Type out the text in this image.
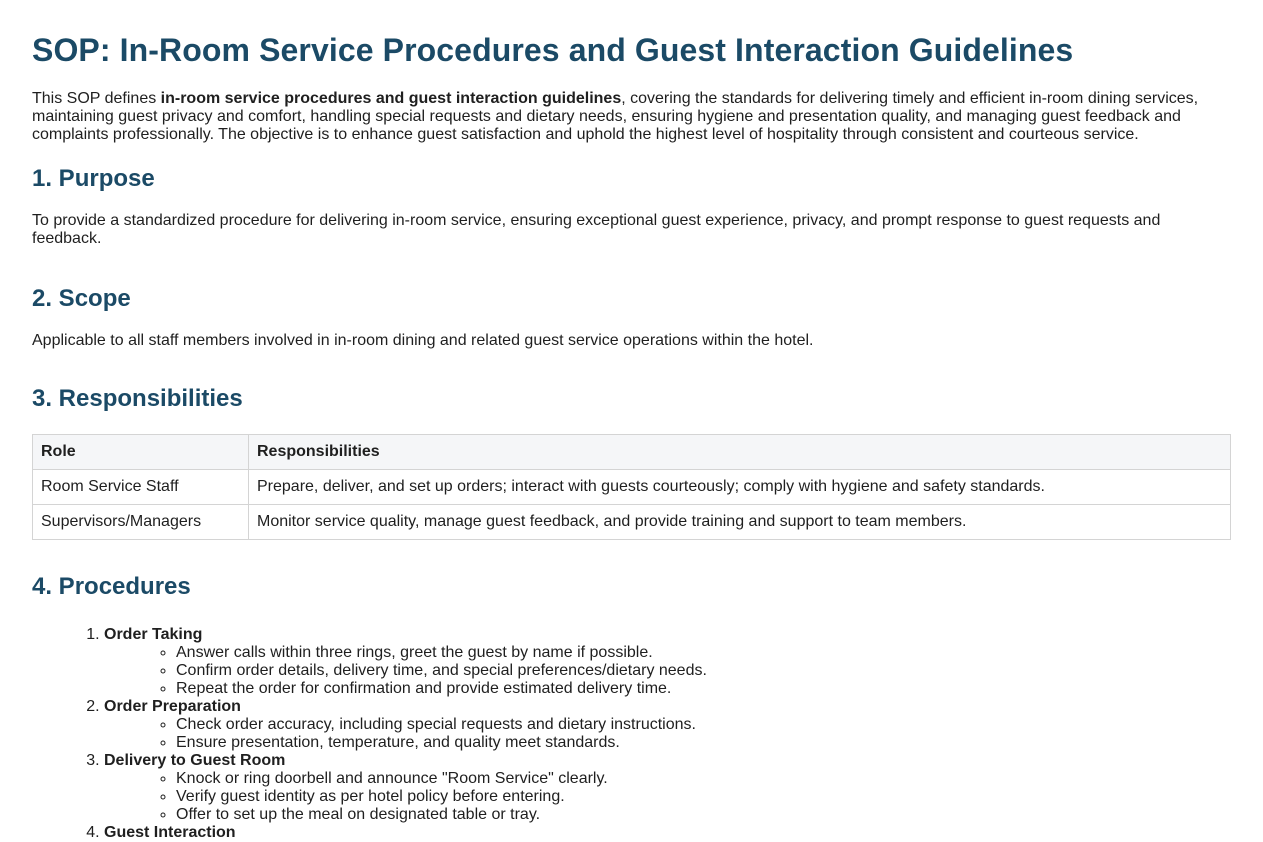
SOP: In-Room Service Procedures and Guest Interaction Guidelines

This SOP defines in-room service procedures and guest interaction guidelines, covering the standards for delivering timely and efficient in-room dining services, maintaining guest privacy and comfort, handling special requests and dietary needs, ensuring hygiene and presentation quality, and managing guest feedback and complaints professionally. The objective is to enhance guest satisfaction and uphold the highest level of hospitality through consistent and courteous service.

1. Purpose

To provide a standardized procedure for delivering in-room service, ensuring exceptional guest experience, privacy, and prompt response to guest requests and feedback.

2. Scope

Applicable to all staff members involved in in-room dining and related guest service operations within the hotel.

3. Responsibilities
Role	Responsibilities
Room Service Staff	Prepare, deliver, and set up orders; interact with guests courteously; comply with hygiene and safety standards.
Supervisors/Managers	Monitor service quality, manage guest feedback, and provide training and support to team members.
4. Procedures
1. Order Taking
◦ Answer calls within three rings, greet the guest by name if possible.
◦ Confirm order details, delivery time, and special preferences/dietary needs.
◦ Repeat the order for confirmation and provide estimated delivery time.
2. Order Preparation
◦ Check order accuracy, including special requests and dietary instructions.
◦ Ensure presentation, temperature, and quality meet standards.
3. Delivery to Guest Room
◦ Knock or ring doorbell and announce "Room Service" clearly.
◦ Verify guest identity as per hotel policy before entering.
◦ Offer to set up the meal on designated table or tray.
4. Guest Interaction
